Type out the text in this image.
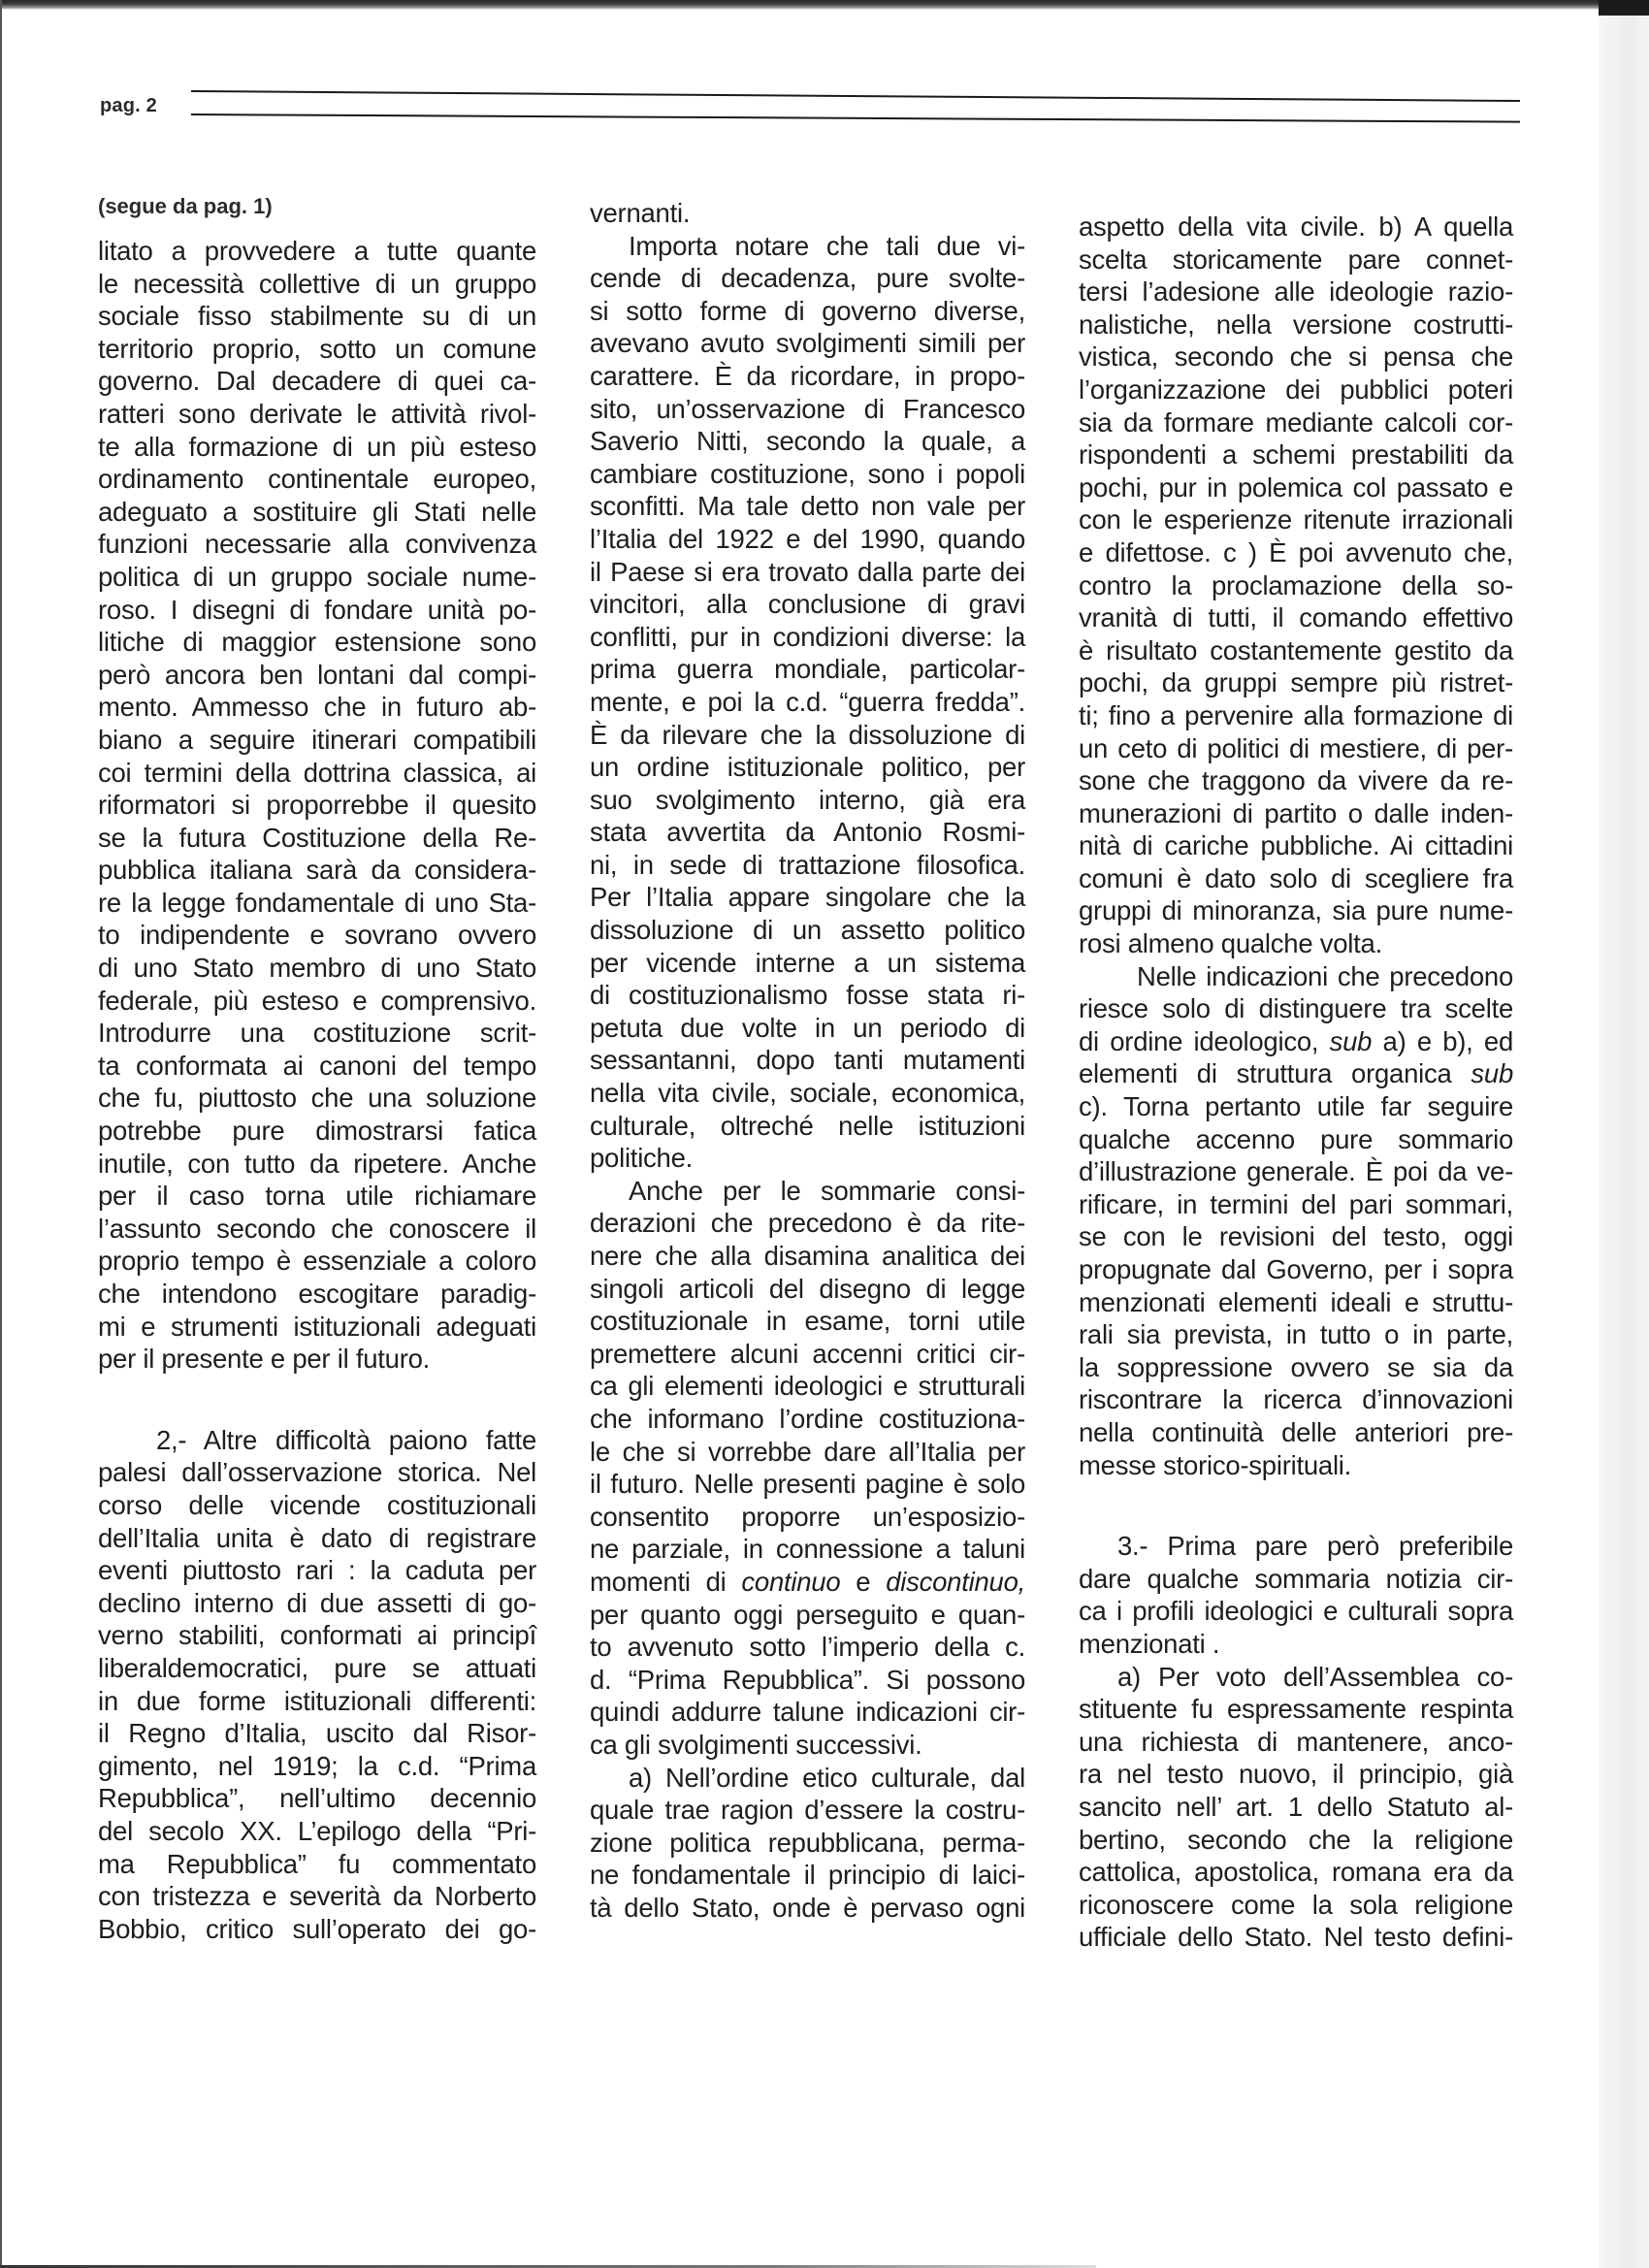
pag. 2
(segue da pag. 1)
litato a provvedere a tutte quante
le necessità collettive di un gruppo
sociale fisso stabilmente su di un
territorio proprio, sotto un comune
governo. Dal decadere di quei ca-
ratteri sono derivate le attività rivol-
te alla formazione di un più esteso
ordinamento continentale europeo,
adeguato a sostituire gli Stati nelle
funzioni necessarie alla convivenza
politica di un gruppo sociale nume-
roso. I disegni di fondare unità po-
litiche di maggior estensione sono
però ancora ben lontani dal compi-
mento. Ammesso che in futuro ab-
biano a seguire itinerari compatibili
coi termini della dottrina classica, ai
riformatori si proporrebbe il quesito
se la futura Costituzione della Re-
pubblica italiana sarà da considera-
re la legge fondamentale di uno Sta-
to indipendente e sovrano ovvero
di uno Stato membro di uno Stato
federale, più esteso e comprensivo.
Introdurre una costituzione scrit-
ta conformata ai canoni del tempo
che fu, piuttosto che una soluzione
potrebbe pure dimostrarsi fatica
inutile, con tutto da ripetere. Anche
per il caso torna utile richiamare
l’assunto secondo che conoscere il
proprio tempo è essenziale a coloro
che intendono escogitare paradig-
mi e strumenti istituzionali adeguati
per il presente e per il futuro.
2,- Altre difficoltà paiono fatte
palesi dall’osservazione storica. Nel
corso delle vicende costituzionali
dell’Italia unita è dato di registrare
eventi piuttosto rari : la caduta per
declino interno di due assetti di go-
verno stabiliti, conformati ai principî
liberaldemocratici, pure se attuati
in due forme istituzionali differenti:
il Regno d’Italia, uscito dal Risor-
gimento, nel 1919; la c.d. “Prima
Repubblica”, nell’ultimo decennio
del secolo XX. L’epilogo della “Pri-
ma Repubblica” fu commentato
con tristezza e severità da Norberto
Bobbio, critico sull’operato dei go-
vernanti.
Importa notare che tali due vi-
cende di decadenza, pure svolte-
si sotto forme di governo diverse,
avevano avuto svolgimenti simili per
carattere. È da ricordare, in propo-
sito, un’osservazione di Francesco
Saverio Nitti, secondo la quale, a
cambiare costituzione, sono i popoli
sconfitti. Ma tale detto non vale per
l’Italia del 1922 e del 1990, quando
il Paese si era trovato dalla parte dei
vincitori, alla conclusione di gravi
conflitti, pur in condizioni diverse: la
prima guerra mondiale, particolar-
mente, e poi la c.d. “guerra fredda”.
È da rilevare che la dissoluzione di
un ordine istituzionale politico, per
suo svolgimento interno, già era
stata avvertita da Antonio Rosmi-
ni, in sede di trattazione filosofica.
Per l’Italia appare singolare che la
dissoluzione di un assetto politico
per vicende interne a un sistema
di costituzionalismo fosse stata ri-
petuta due volte in un periodo di
sessantanni, dopo tanti mutamenti
nella vita civile, sociale, economica,
culturale, oltreché nelle istituzioni
politiche.
Anche per le sommarie consi-
derazioni che precedono è da rite-
nere che alla disamina analitica dei
singoli articoli del disegno di legge
costituzionale in esame, torni utile
premettere alcuni accenni critici cir-
ca gli elementi ideologici e strutturali
che informano l’ordine costituziona-
le che si vorrebbe dare all’Italia per
il futuro. Nelle presenti pagine è solo
consentito proporre un’esposizio-
ne parziale, in connessione a taluni
momenti di continuo e discontinuo,
per quanto oggi perseguito e quan-
to avvenuto sotto l’imperio della c.
d. “Prima Repubblica”. Si possono
quindi addurre talune indicazioni cir-
ca gli svolgimenti successivi.
a) Nell’ordine etico culturale, dal
quale trae ragion d’essere la costru-
zione politica repubblicana, perma-
ne fondamentale il principio di laici-
tà dello Stato, onde è pervaso ogni
aspetto della vita civile. b) A quella
scelta storicamente pare connet-
tersi l’adesione alle ideologie razio-
nalistiche, nella versione costrutti-
vistica, secondo che si pensa che
l’organizzazione dei pubblici poteri
sia da formare mediante calcoli cor-
rispondenti a schemi prestabiliti da
pochi, pur in polemica col passato e
con le esperienze ritenute irrazionali
e difettose. c ) È poi avvenuto che,
contro la proclamazione della so-
vranità di tutti, il comando effettivo
è risultato costantemente gestito da
pochi, da gruppi sempre più ristret-
ti; fino a pervenire alla formazione di
un ceto di politici di mestiere, di per-
sone che traggono da vivere da re-
munerazioni di partito o dalle inden-
nità di cariche pubbliche. Ai cittadini
comuni è dato solo di scegliere fra
gruppi di minoranza, sia pure nume-
rosi almeno qualche volta.
Nelle indicazioni che precedono
riesce solo di distinguere tra scelte
di ordine ideologico, sub a) e b), ed
elementi di struttura organica sub
c). Torna pertanto utile far seguire
qualche accenno pure sommario
d’illustrazione generale. È poi da ve-
rificare, in termini del pari sommari,
se con le revisioni del testo, oggi
propugnate dal Governo, per i sopra
menzionati elementi ideali e struttu-
rali sia prevista, in tutto o in parte,
la soppressione ovvero se sia da
riscontrare la ricerca d’innovazioni
nella continuità delle anteriori pre-
messe storico-spirituali.
3.- Prima pare però preferibile
dare qualche sommaria notizia cir-
ca i profili ideologici e culturali sopra
menzionati .
a) Per voto dell’Assemblea co-
stituente fu espressamente respinta
una richiesta di mantenere, anco-
ra nel testo nuovo, il principio, già
sancito nell’ art. 1 dello Statuto al-
bertino, secondo che la religione
cattolica, apostolica, romana era da
riconoscere come la sola religione
ufficiale dello Stato. Nel testo defini-
